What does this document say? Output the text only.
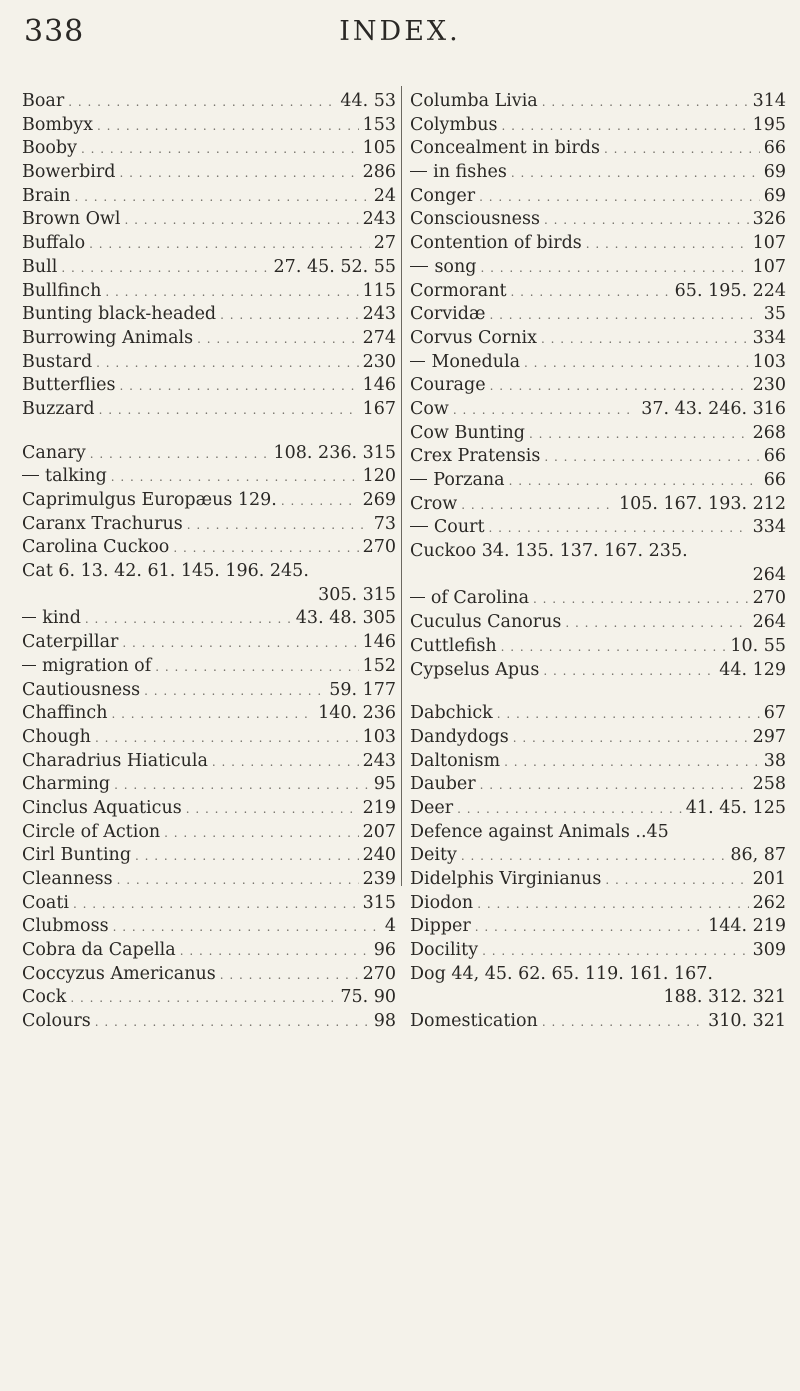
338	INDEX.
Boar . . .	44. 53
Bombyx . . .	153
Booby . . .	105
Bowerbird . . .	286
Brain . . .	24
Brown Owl . . .	243
Buffalo . . .	27
Bull . . .	27. 45. 52. 55
Bullfinch . . .	115
Bunting black-headed . . .	243
Burrowing Animals . . .	274
Bustard . . .	230
Butterflies . . .	146
Buzzard . . .	167
Canary . . .	108. 236. 315
talking . . .	120
Caprimulgus Europæus 129. . . .	269
Caranx Trachurus . . .	73
Carolina Cuckoo . . .	270
Cat 6. 13. 42. 61. 145. 196. 245.
305. 315
kind . . .	43. 48. 305
Caterpillar . . .	146
migration of . . .	152
Cautiousness . . .	59. 177
Chaffinch . . .	140. 236
Chough . . .	103
Charadrius Hiaticula . . .	243
Charming . . .	95
Cinclus Aquaticus . . .	219
Circle of Action . . .	207
Cirl Bunting . . .	240
Cleanness . . .	239
Coati . . .	315
Clubmoss . . .	4
Cobra da Capella . . .	96
Coccyzus Americanus . . .	270
Cock . . .	75. 90
Colours . . .	98
Columba Livia . . .	314
Colymbus . . .	195
Concealment in birds . . .	66
in fishes . . .	69
Conger . . .	69
Consciousness . . .	326
Contention of birds . . .	107
song . . .	107
Cormorant . . .	65. 195. 224
Corvidæ . . .	35
Corvus Cornix . . .	334
Monedula . . .	103
Courage . . .	230
Cow . . .	37. 43. 246. 316
Cow Bunting . . .	268
Crex Pratensis . . .	66
Porzana . . .	66
Crow . . .	105. 167. 193. 212
Court . . .	334
Cuckoo 34. 135. 137. 167. 235.
264
of Carolina . . .	270
Cuculus Canorus . . .	264
Cuttlefish . . .	10. 55
Cypselus Apus . . .	44. 129
Dabchick . . .	67
Dandydogs . . .	297
Daltonism . . .	38
Dauber . . .	258
Deer . . .	41. 45. 125
Defence against Animals .. 45
Deity . . .	86, 87
Didelphis Virginianus . . .	201
Diodon . . .	262
Dipper . . .	144. 219
Docility . . .	309
Dog 44, 45. 62. 65. 119. 161. 167.
188. 312. 321
Domestication . . .	310. 321
